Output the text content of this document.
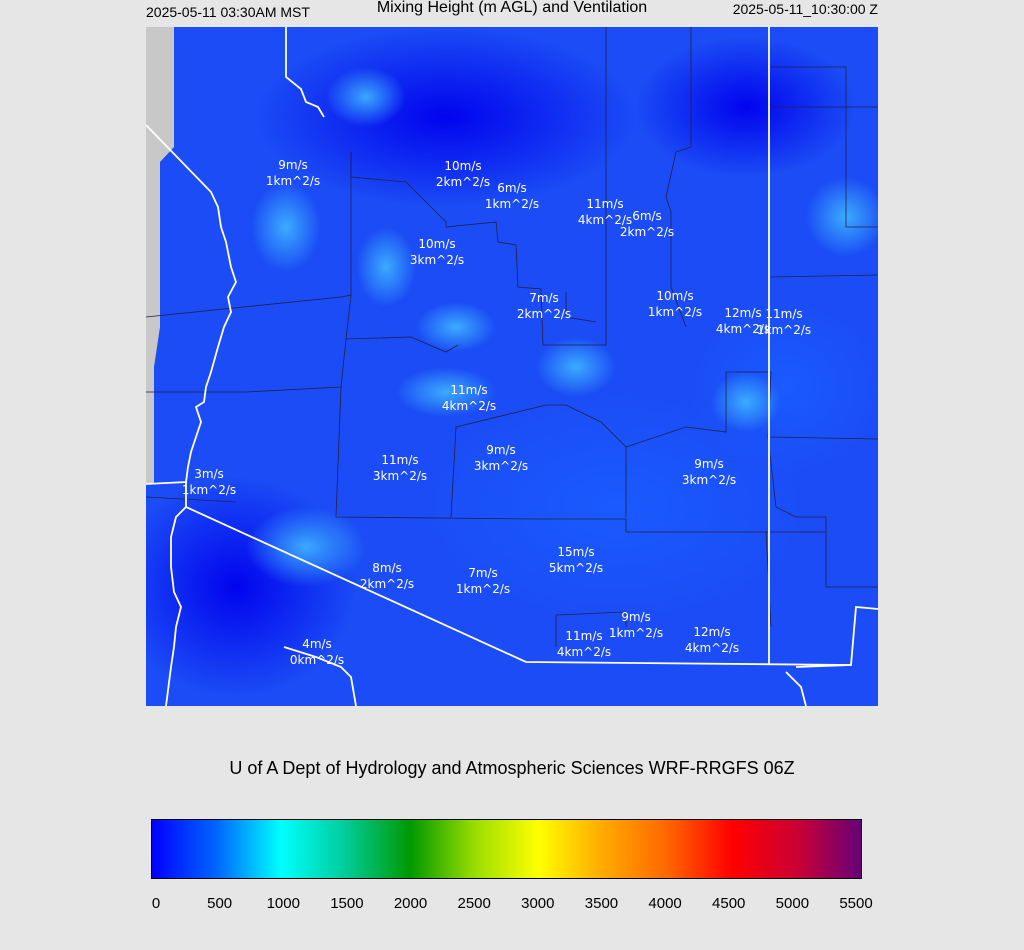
2025-05-11 03:30AM MST	Mixing Height (m AGL) and Ventilation	2025-05-11_10:30:00 Z
9m/s
1km^2/s
10m/s
2km^2/s 6m/s
1km^2/s	11m/s
4km^2/s 6m/s
2km^2/s
10m/s
3km^2/s
7m/s
2km^2/s
10m/s
1km^2/s 12m/s
4km^2/s
11m/s
1km^2/s
11m/s
4km^2/s
11m/s
3km^2/s
9m/s
3km^2/s	9m/s
3km^2/s
3m/s
1km^2/s
15m/s
5km^2/s
8m/s
2km^2/s
7m/s
1km^2/s
9m/s
1km^2/s
11m/s
4km^2/s
12m/s
4km^2/s
4m/s
0km^2/s
U of A Dept of Hydrology and Atmospheric Sciences WRF-RRGFS 06Z
0	500 1000 1500 2000 2500 3000 3500 4000 4500 5000 5500
